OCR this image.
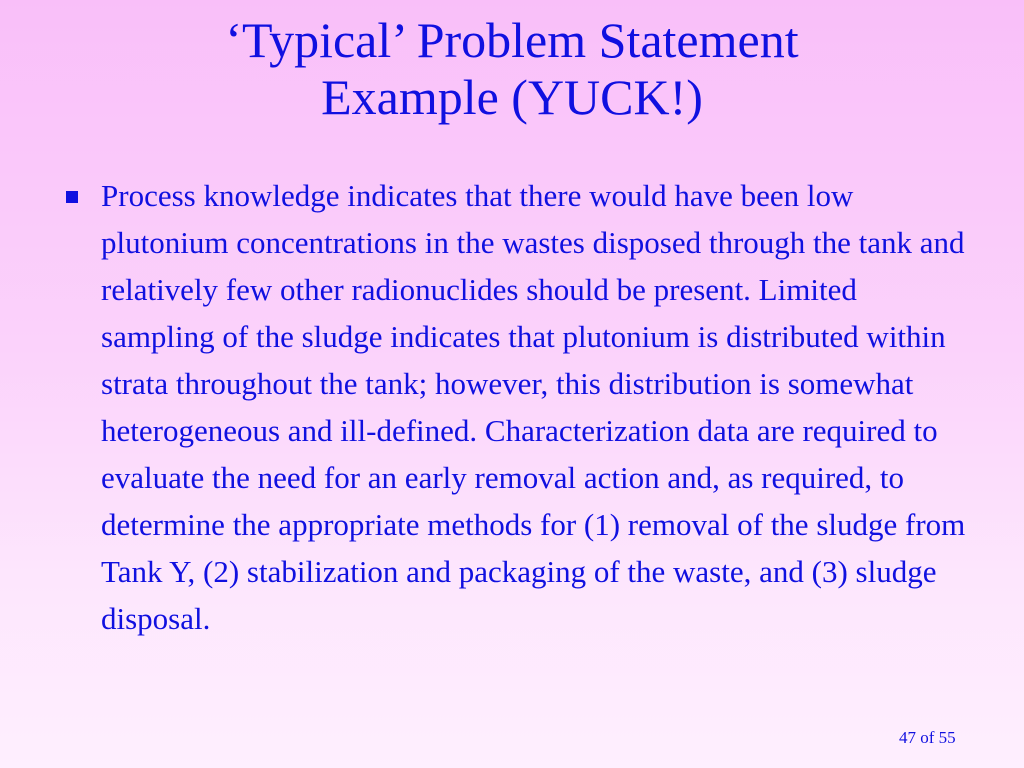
‘Typical’ Problem Statement
Example (YUCK!)
Process knowledge indicates that there would have been low plutonium concentrations in the wastes disposed through the tank and relatively few other radionuclides should be present. Limited sampling of the sludge indicates that plutonium is distributed within strata throughout the tank; however, this distribution is somewhat heterogeneous and ill-defined. Characterization data are required to evaluate the need for an early removal action and, as required, to determine the appropriate methods for (1) removal of the sludge from Tank Y, (2) stabilization and packaging of the waste, and (3) sludge disposal.
47 of 55
